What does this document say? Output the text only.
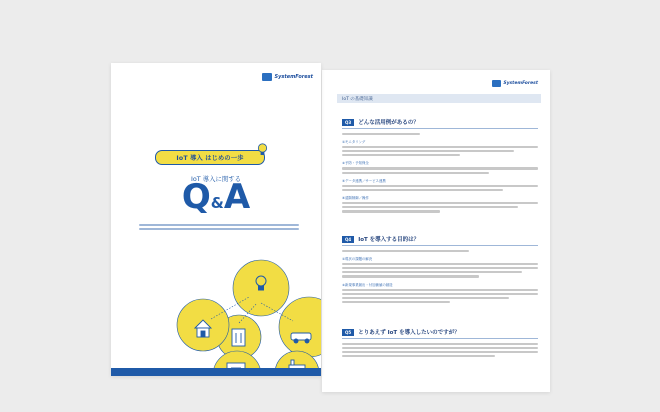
SystemForest
IoT の基礎知識
Q3	どんな活用例があるの？
①モニタリング
②予防・予知保全
③データ連携／サービス連携
④遠隔制御／操作
Q4	IoT を導入する目的は？
①現状の課題の解決
②新規事業創出・付加価値の創造
Q5	とりあえず IoT を導入したいのですが？
SystemForest
IoT 導入 はじめの一歩
IoT 導入に関する
Q&A
